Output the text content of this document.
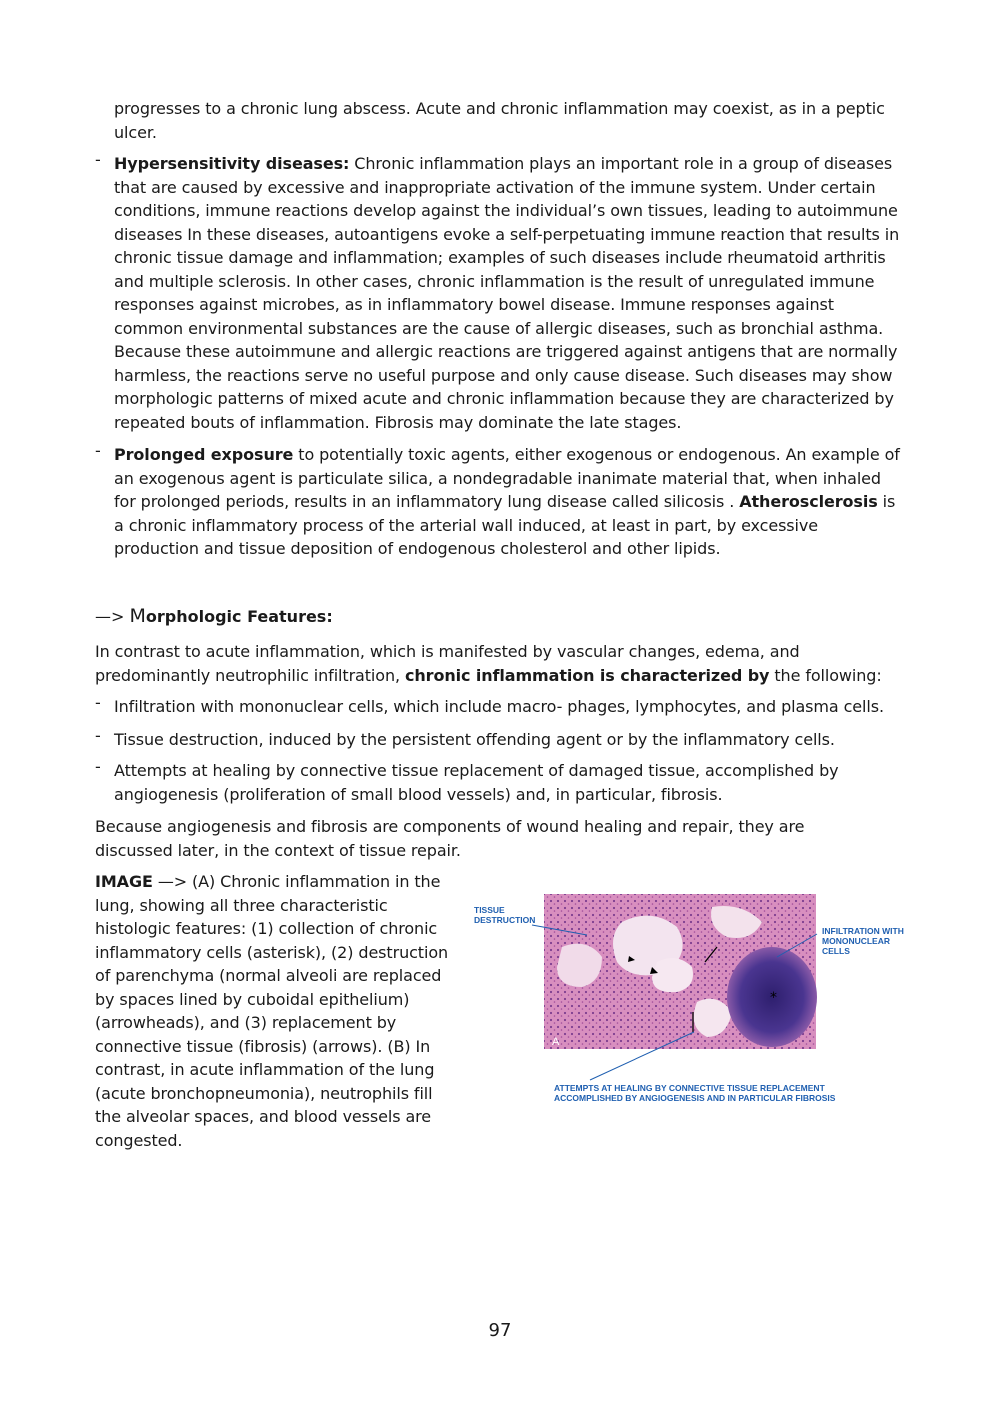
progresses to a chronic lung abscess. Acute and chronic inflammation may coexist, as in a peptic ulcer.

- Hypersensitivity diseases: Chronic inflammation plays an important role in a group of diseases that are caused by excessive and inappropriate activation of the immune system. Under certain conditions, immune reactions develop against the individual’s own tissues, leading to autoimmune diseases In these diseases, autoantigens evoke a self-perpetuating immune reaction that results in chronic tissue damage and inflammation; examples of such diseases include rheumatoid arthritis and multiple sclerosis. In other cases, chronic inflammation is the result of unregulated immune responses against microbes, as in inflammatory bowel disease. Immune responses against common environmental substances are the cause of allergic diseases, such as bronchial asthma. Because these autoimmune and allergic reactions are triggered against antigens that are normally harmless, the reactions serve no useful purpose and only cause disease. Such diseases may show morphologic patterns of mixed acute and chronic inflammation because they are characterized by repeated bouts of inflammation. Fibrosis may dominate the late stages.

- Prolonged exposure to potentially toxic agents, either exogenous or endogenous. An example of an exogenous agent is particulate silica, a nondegradable inanimate material that, when inhaled for prolonged periods, results in an inflammatory lung disease called silicosis . Atherosclerosis is a chronic inflammatory process of the arterial wall induced, at least in part, by excessive production and tissue deposition of endogenous cholesterol and other lipids.

—> Morphologic Features:

In contrast to acute inflammation, which is manifested by vascular changes, edema, and predominantly neutrophilic infiltration, chronic inflammation is characterized by the following:

- Infiltration with mononuclear cells, which include macro- phages, lymphocytes, and plasma cells.

- Tissue destruction, induced by the persistent offending agent or by the inflammatory cells.

- Attempts at healing by connective tissue replacement of damaged tissue, accomplished by angiogenesis (proliferation of small blood vessels) and, in particular, fibrosis.

Because angiogenesis and fibrosis are components of wound healing and repair, they are discussed later, in the context of tissue repair.

IMAGE —> (A) Chronic inflammation in the lung, showing all three characteristic histologic features: (1) collection of chronic inflammatory cells (asterisk), (2) destruction of parenchyma (normal alveoli are replaced by spaces lined by cuboidal epithelium) (arrowheads), and (3) replacement by connective tissue (fibrosis) (arrows). (B) In contrast, in acute inflammation of the lung (acute bronchopneumonia), neutrophils fill the alveolar spaces, and blood vessels are congested.

*
A
TISSUE
DESTRUCTION
INFILTRATION WITH
MONONUCLEAR
CELLS
ATTEMPTS AT HEALING BY CONNECTIVE TISSUE REPLACEMENT
ACCOMPLISHED BY ANGIOGENESIS AND IN PARTICULAR FIBROSIS
97
